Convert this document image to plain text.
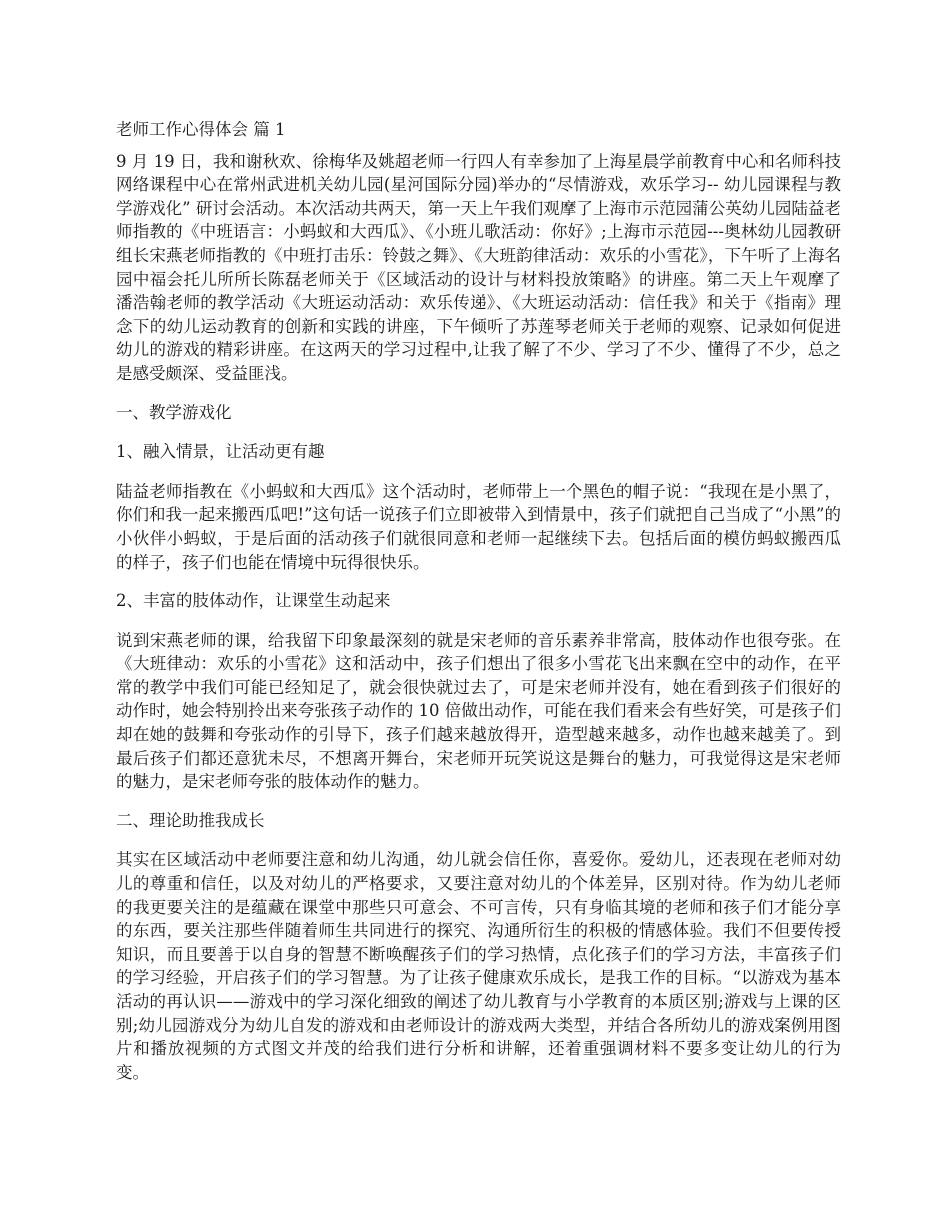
老师工作心得体会 篇 1

9 月 19 日，我和谢秋欢、徐梅华及姚超老师一行四人有幸参加了上海星晨学前教育中心和名师科技网络课程中心在常州武进机关幼儿园(星河国际分园)举办的“尽情游戏，欢乐学习-- 幼儿园课程与教学游戏化” 研讨会活动。本次活动共两天，第一天上午我们观摩了上海市示范园蒲公英幼儿园陆益老师指教的《中班语言：小蚂蚁和大西瓜》、《小班儿歌活动：你好》;上海市示范园---奥林幼儿园教研组长宋燕老师指教的《中班打击乐：铃鼓之舞》、《大班韵律活动：欢乐的小雪花》，下午听了上海名园中福会托儿所所长陈磊老师关于《区域活动的设计与材料投放策略》的讲座。第二天上午观摩了潘浩翰老师的教学活动《大班运动活动：欢乐传递》、《大班运动活动：信任我》和关于《指南》理念下的幼儿运动教育的创新和实践的讲座，下午倾听了苏莲琴老师关于老师的观察、记录如何促进幼儿的游戏的精彩讲座。在这两天的学习过程中,让我了解了不少、学习了不少、懂得了不少，总之是感受颇深、受益匪浅。

一、教学游戏化

1、融入情景，让活动更有趣

陆益老师指教在《小蚂蚁和大西瓜》这个活动时，老师带上一个黑色的帽子说：“我现在是小黑了，你们和我一起来搬西瓜吧!”这句话一说孩子们立即被带入到情景中，孩子们就把自己当成了“小黑”的小伙伴小蚂蚁，于是后面的活动孩子们就很同意和老师一起继续下去。包括后面的模仿蚂蚁搬西瓜的样子，孩子们也能在情境中玩得很快乐。

2、丰富的肢体动作，让课堂生动起来

说到宋燕老师的课，给我留下印象最深刻的就是宋老师的音乐素养非常高，肢体动作也很夸张。在《大班律动：欢乐的小雪花》这和活动中，孩子们想出了很多小雪花飞出来飘在空中的动作，在平常的教学中我们可能已经知足了，就会很快就过去了，可是宋老师并没有，她在看到孩子们很好的动作时，她会特别拎出来夸张孩子动作的 10 倍做出动作，可能在我们看来会有些好笑，可是孩子们却在她的鼓舞和夸张动作的引导下，孩子们越来越放得开，造型越来越多，动作也越来越美了。到最后孩子们都还意犹未尽，不想离开舞台，宋老师开玩笑说这是舞台的魅力，可我觉得这是宋老师的魅力，是宋老师夸张的肢体动作的魅力。

二、理论助推我成长

其实在区域活动中老师要注意和幼儿沟通，幼儿就会信任你，喜爱你。爱幼儿，还表现在老师对幼儿的尊重和信任，以及对幼儿的严格要求，又要注意对幼儿的个体差异，区别对待。作为幼儿老师的我更要关注的是蕴藏在课堂中那些只可意会、不可言传，只有身临其境的老师和孩子们才能分享的东西，要关注那些伴随着师生共同进行的探究、沟通所衍生的积极的情感体验。我们不但要传授知识，而且要善于以自身的智慧不断唤醒孩子们的学习热情，点化孩子们的学习方法，丰富孩子们的学习经验，开启孩子们的学习智慧。为了让孩子健康欢乐成长，是我工作的目标。“以游戏为基本活动的再认识——游戏中的学习深化细致的阐述了幼儿教育与小学教育的本质区别;游戏与上课的区别;幼儿园游戏分为幼儿自发的游戏和由老师设计的游戏两大类型，并结合各所幼儿的游戏案例用图片和播放视频的方式图文并茂的给我们进行分析和讲解，还着重强调材料不要多变让幼儿的行为变。
